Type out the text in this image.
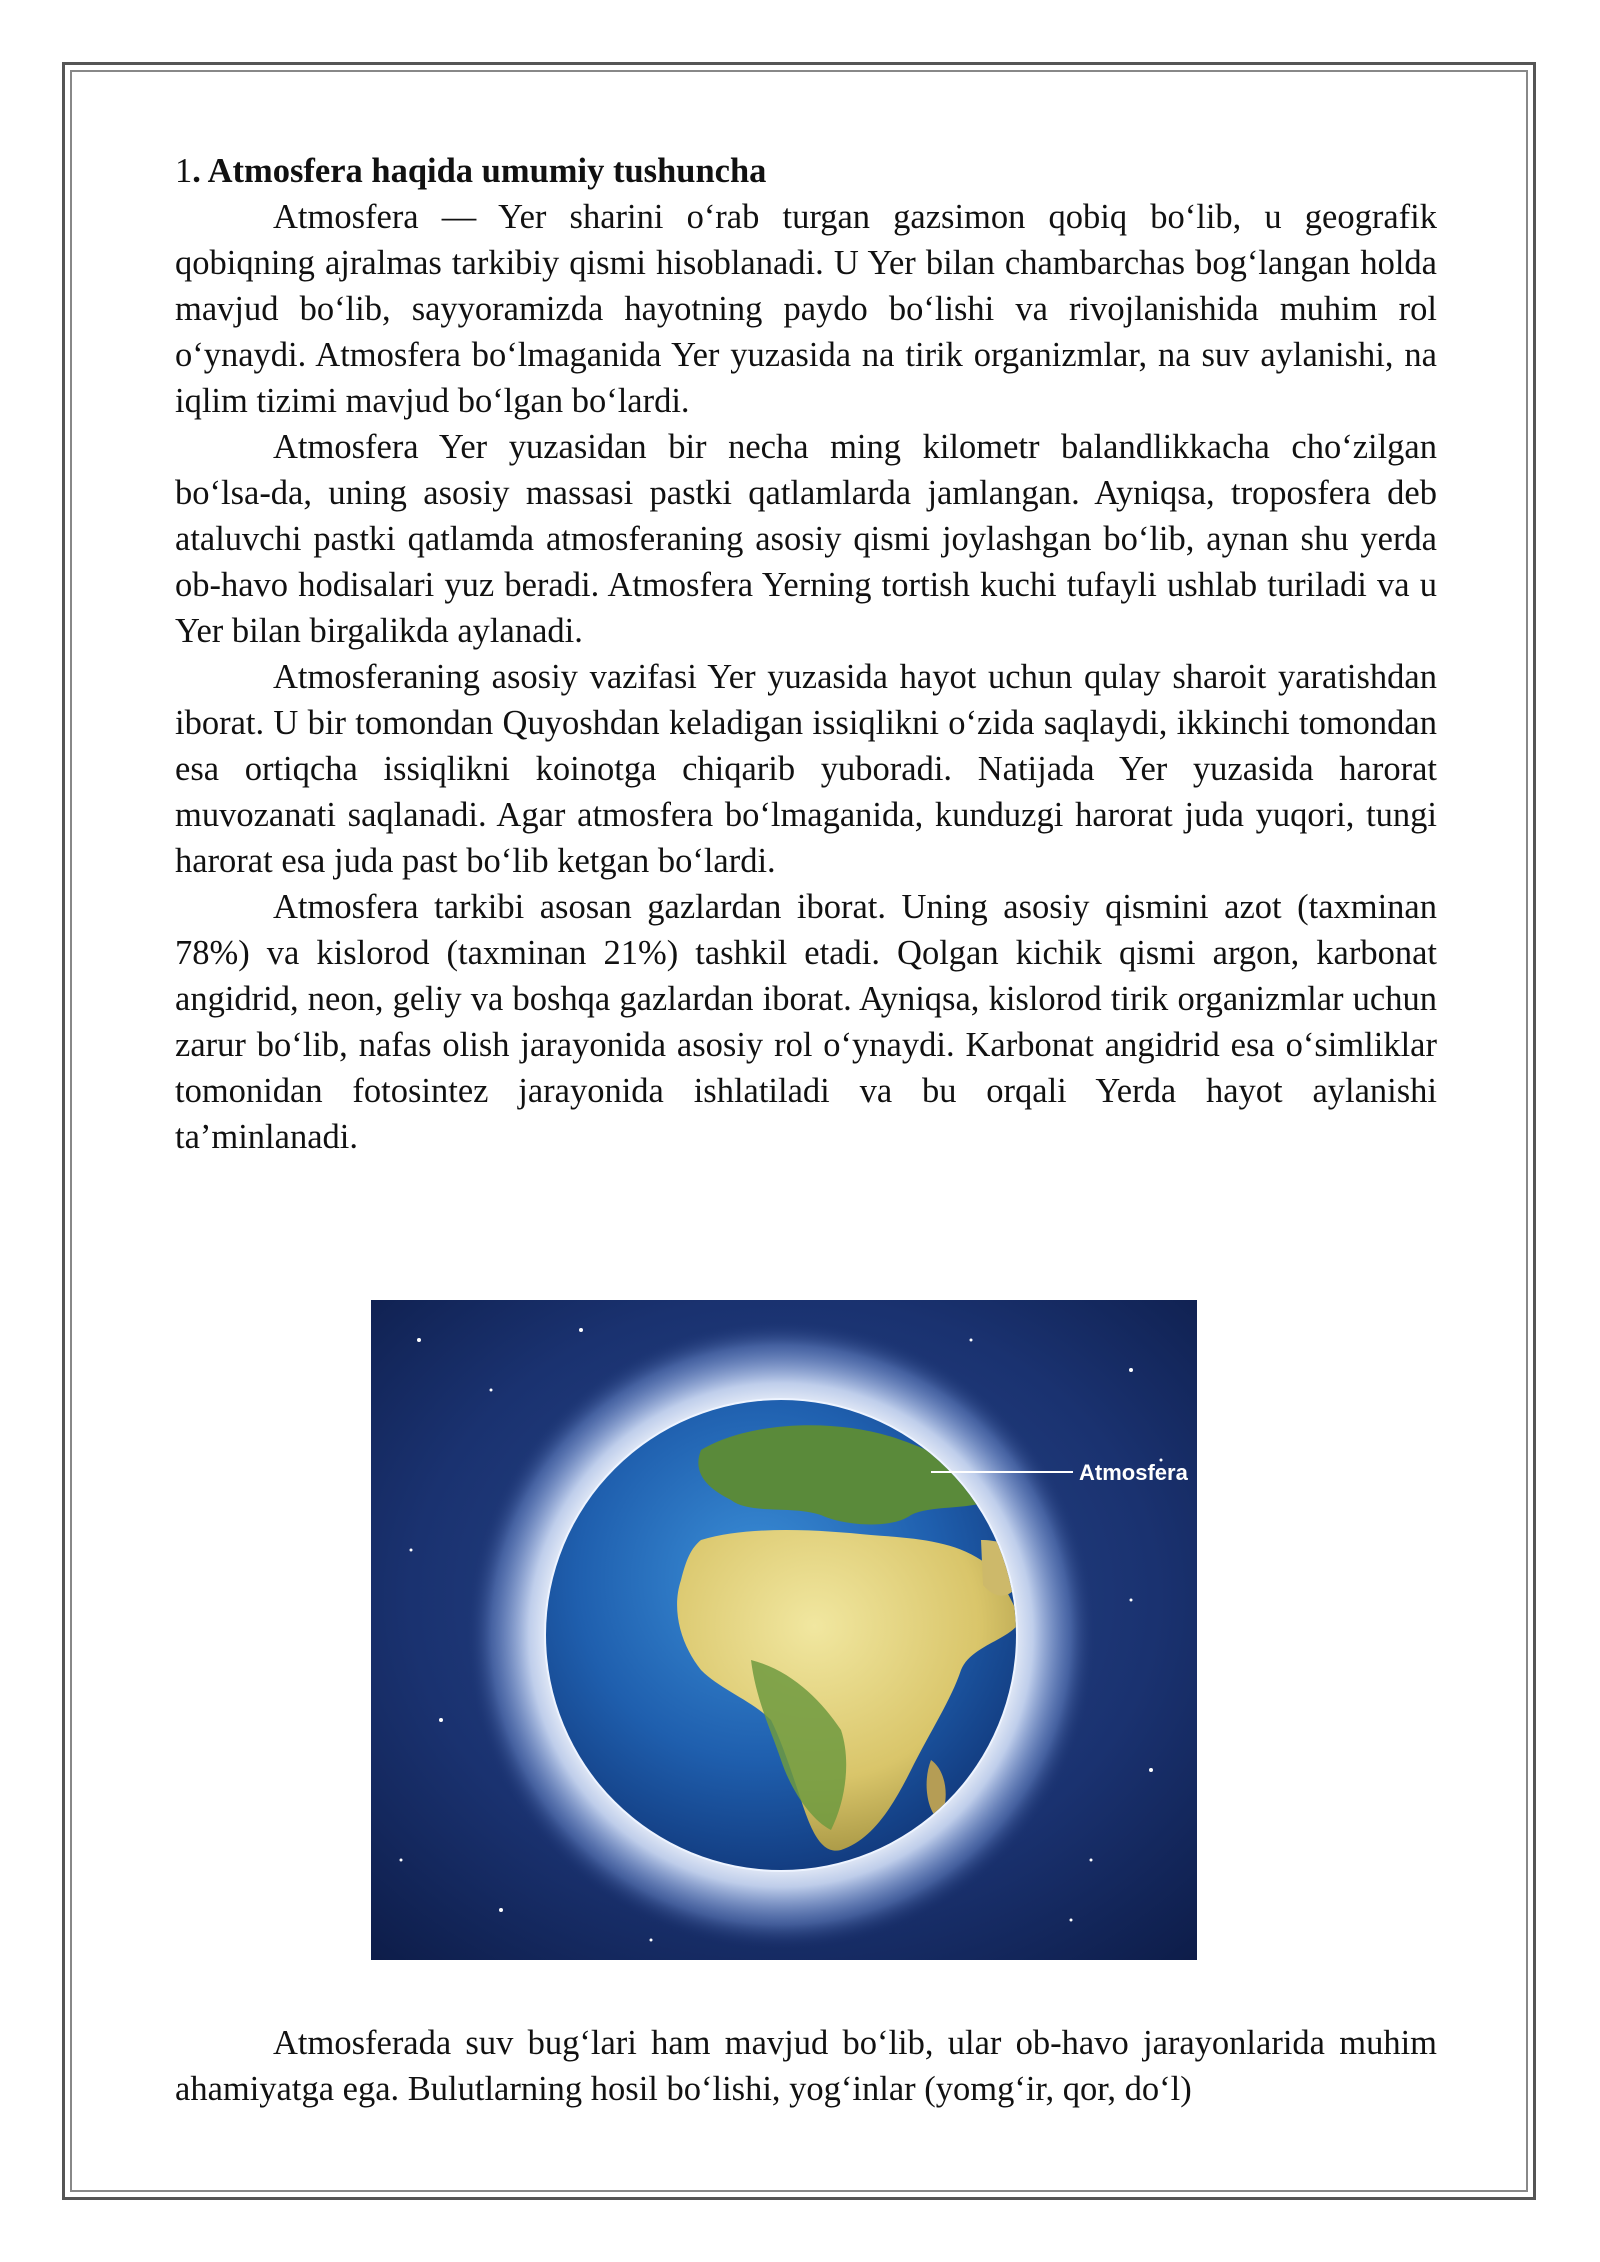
1. Atmosfera haqida umumiy tushuncha

Atmosfera — Yer sharini o‘rab turgan gazsimon qobiq bo‘lib, u geografik qobiqning ajralmas tarkibiy qismi hisoblanadi. U Yer bilan chambarchas bog‘langan holda mavjud bo‘lib, sayyoramizda hayotning paydo bo‘lishi va rivojlanishida muhim rol o‘ynaydi. Atmosfera bo‘lmaganida Yer yuzasida na tirik organizmlar, na suv aylanishi, na iqlim tizimi mavjud bo‘lgan bo‘lardi.

Atmosfera Yer yuzasidan bir necha ming kilometr balandlikkacha cho‘zilgan bo‘lsa-da, uning asosiy massasi pastki qatlamlarda jamlangan. Ayniqsa, troposfera deb ataluvchi pastki qatlamda atmosferaning asosiy qismi joylashgan bo‘lib, aynan shu yerda ob-havo hodisalari yuz beradi. Atmosfera Yerning tortish kuchi tufayli ushlab turiladi va u Yer bilan birgalikda aylanadi.

Atmosferaning asosiy vazifasi Yer yuzasida hayot uchun qulay sharoit yaratishdan iborat. U bir tomondan Quyoshdan keladigan issiqlikni o‘zida saqlaydi, ikkinchi tomondan esa ortiqcha issiqlikni koinotga chiqarib yuboradi. Natijada Yer yuzasida harorat muvozanati saqlanadi. Agar atmosfera bo‘lmaganida, kunduzgi harorat juda yuqori, tungi harorat esa juda past bo‘lib ketgan bo‘lardi.

Atmosfera tarkibi asosan gazlardan iborat. Uning asosiy qismini azot (taxminan 78%) va kislorod (taxminan 21%) tashkil etadi. Qolgan kichik qismi argon, karbonat angidrid, neon, geliy va boshqa gazlardan iborat. Ayniqsa, kislorod tirik organizmlar uchun zarur bo‘lib, nafas olish jarayonida asosiy rol o‘ynaydi. Karbonat angidrid esa o‘simliklar tomonidan fotosintez jarayonida ishlatiladi va bu orqali Yerda hayot aylanishi ta’minlanadi.

Atmosfera

Atmosferada suv bug‘lari ham mavjud bo‘lib, ular ob-havo jarayonlarida muhim ahamiyatga ega. Bulutlarning hosil bo‘lishi, yog‘inlar (yomg‘ir, qor, do‘l)
